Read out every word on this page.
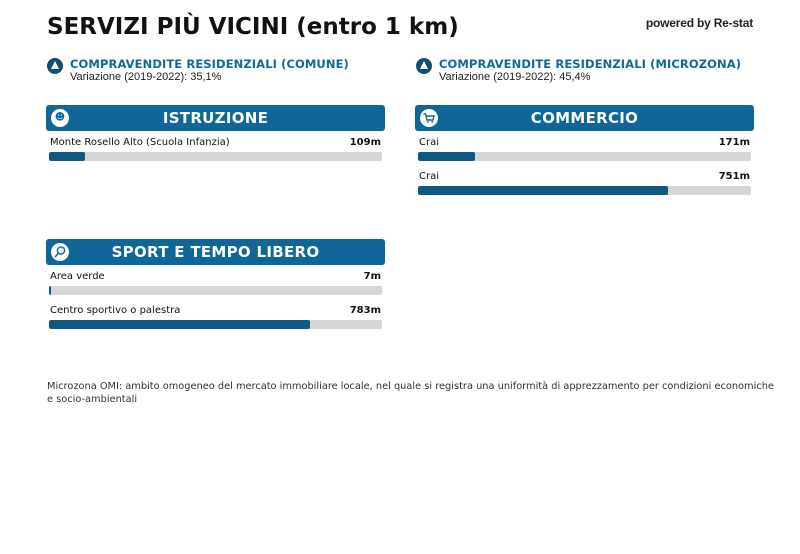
SERVIZI PIÙ VICINI (entro 1 km)	powered by Re-stat
COMPRAVENDITE RESIDENZIALI (COMUNE)
Variazione (2019-2022): 35,1%
COMPRAVENDITE RESIDENZIALI (MICROZONA)
Variazione (2019-2022): 45,4%
☻	ISTRUZIONE
Monte Rosello Alto (Scuola Infanzia)	109m
COMMERCIO
Crai	171m
Crai	751m
SPORT E TEMPO LIBERO
Area verde	7m
Centro sportivo o palestra	783m
Microzona OMI: ambito omogeneo del mercato immobiliare locale, nel quale si registra una uniformità di apprezzamento per condizioni economiche e socio-ambientali
